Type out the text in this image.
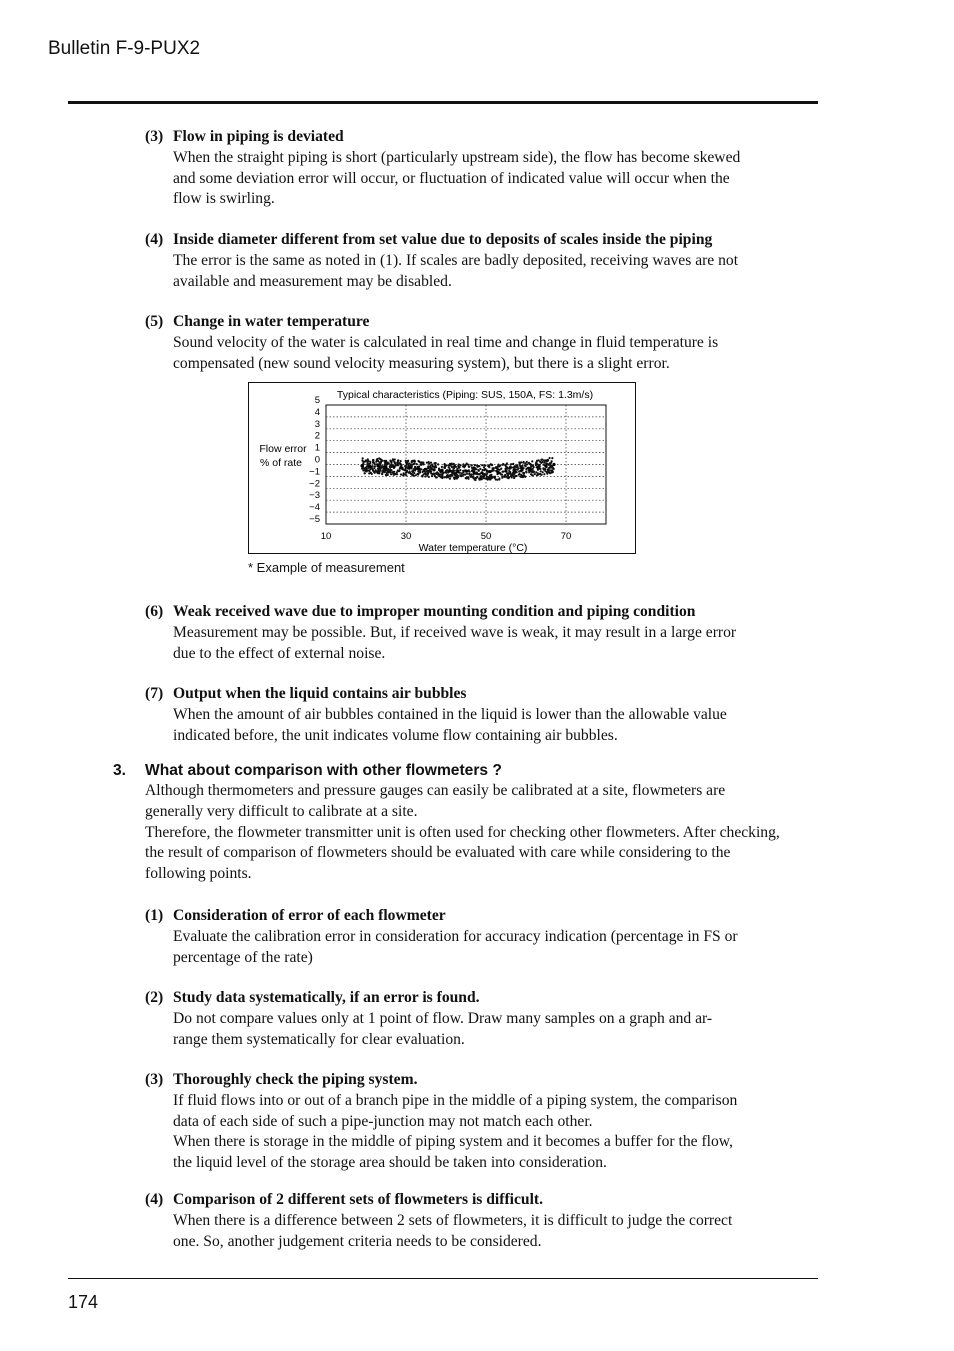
Bulletin F-9-PUX2
(3) Flow in piping is deviated

When the straight piping is short (particularly upstream side), the flow has become skewed

and some deviation error will occur, or fluctuation of indicated value will occur when the

flow is swirling.

(4) Inside diameter different from set value due to deposits of scales inside the piping

The error is the same as noted in (1). If scales are badly deposited, receiving waves are not

available and measurement may be disabled.

(5) Change in water temperature

Sound velocity of the water is calculated in real time and change in fluid temperature is

compensated (new sound velocity measuring system), but there is a slight error.

Typical characteristics (Piping: SUS, 150A, FS: 1.3m/s)
5
4
3
2
1
0
−1
−2
−3
−4
−5
10	30	50	70
Flow error
% of rate
Water temperature (°C)
* Example of measurement
(6) Weak received wave due to improper mounting condition and piping condition

Measurement may be possible. But, if received wave is weak, it may result in a large error

due to the effect of external noise.

(7) Output when the liquid contains air bubbles

When the amount of air bubbles contained in the liquid is lower than the allowable value

indicated before, the unit indicates volume flow containing air bubbles.

3.	What about comparison with other flowmeters ?

Although thermometers and pressure gauges can easily be calibrated at a site, flowmeters are

generally very difficult to calibrate at a site.

Therefore, the flowmeter transmitter unit is often used for checking other flowmeters. After checking,

the result of comparison of flowmeters should be evaluated with care while considering to the

following points.

(1) Consideration of error of each flowmeter

Evaluate the calibration error in consideration for accuracy indication (percentage in FS or

percentage of the rate)

(2) Study data systematically, if an error is found.

Do not compare values only at 1 point of flow. Draw many samples on a graph and ar-

range them systematically for clear evaluation.

(3) Thoroughly check the piping system.

If fluid flows into or out of a branch pipe in the middle of a piping system, the comparison

data of each side of such a pipe-junction may not match each other.

When there is storage in the middle of piping system and it becomes a buffer for the flow,

the liquid level of the storage area should be taken into consideration.

(4) Comparison of 2 different sets of flowmeters is difficult.

When there is a difference between 2 sets of flowmeters, it is difficult to judge the correct

one. So, another judgement criteria needs to be considered.

174
